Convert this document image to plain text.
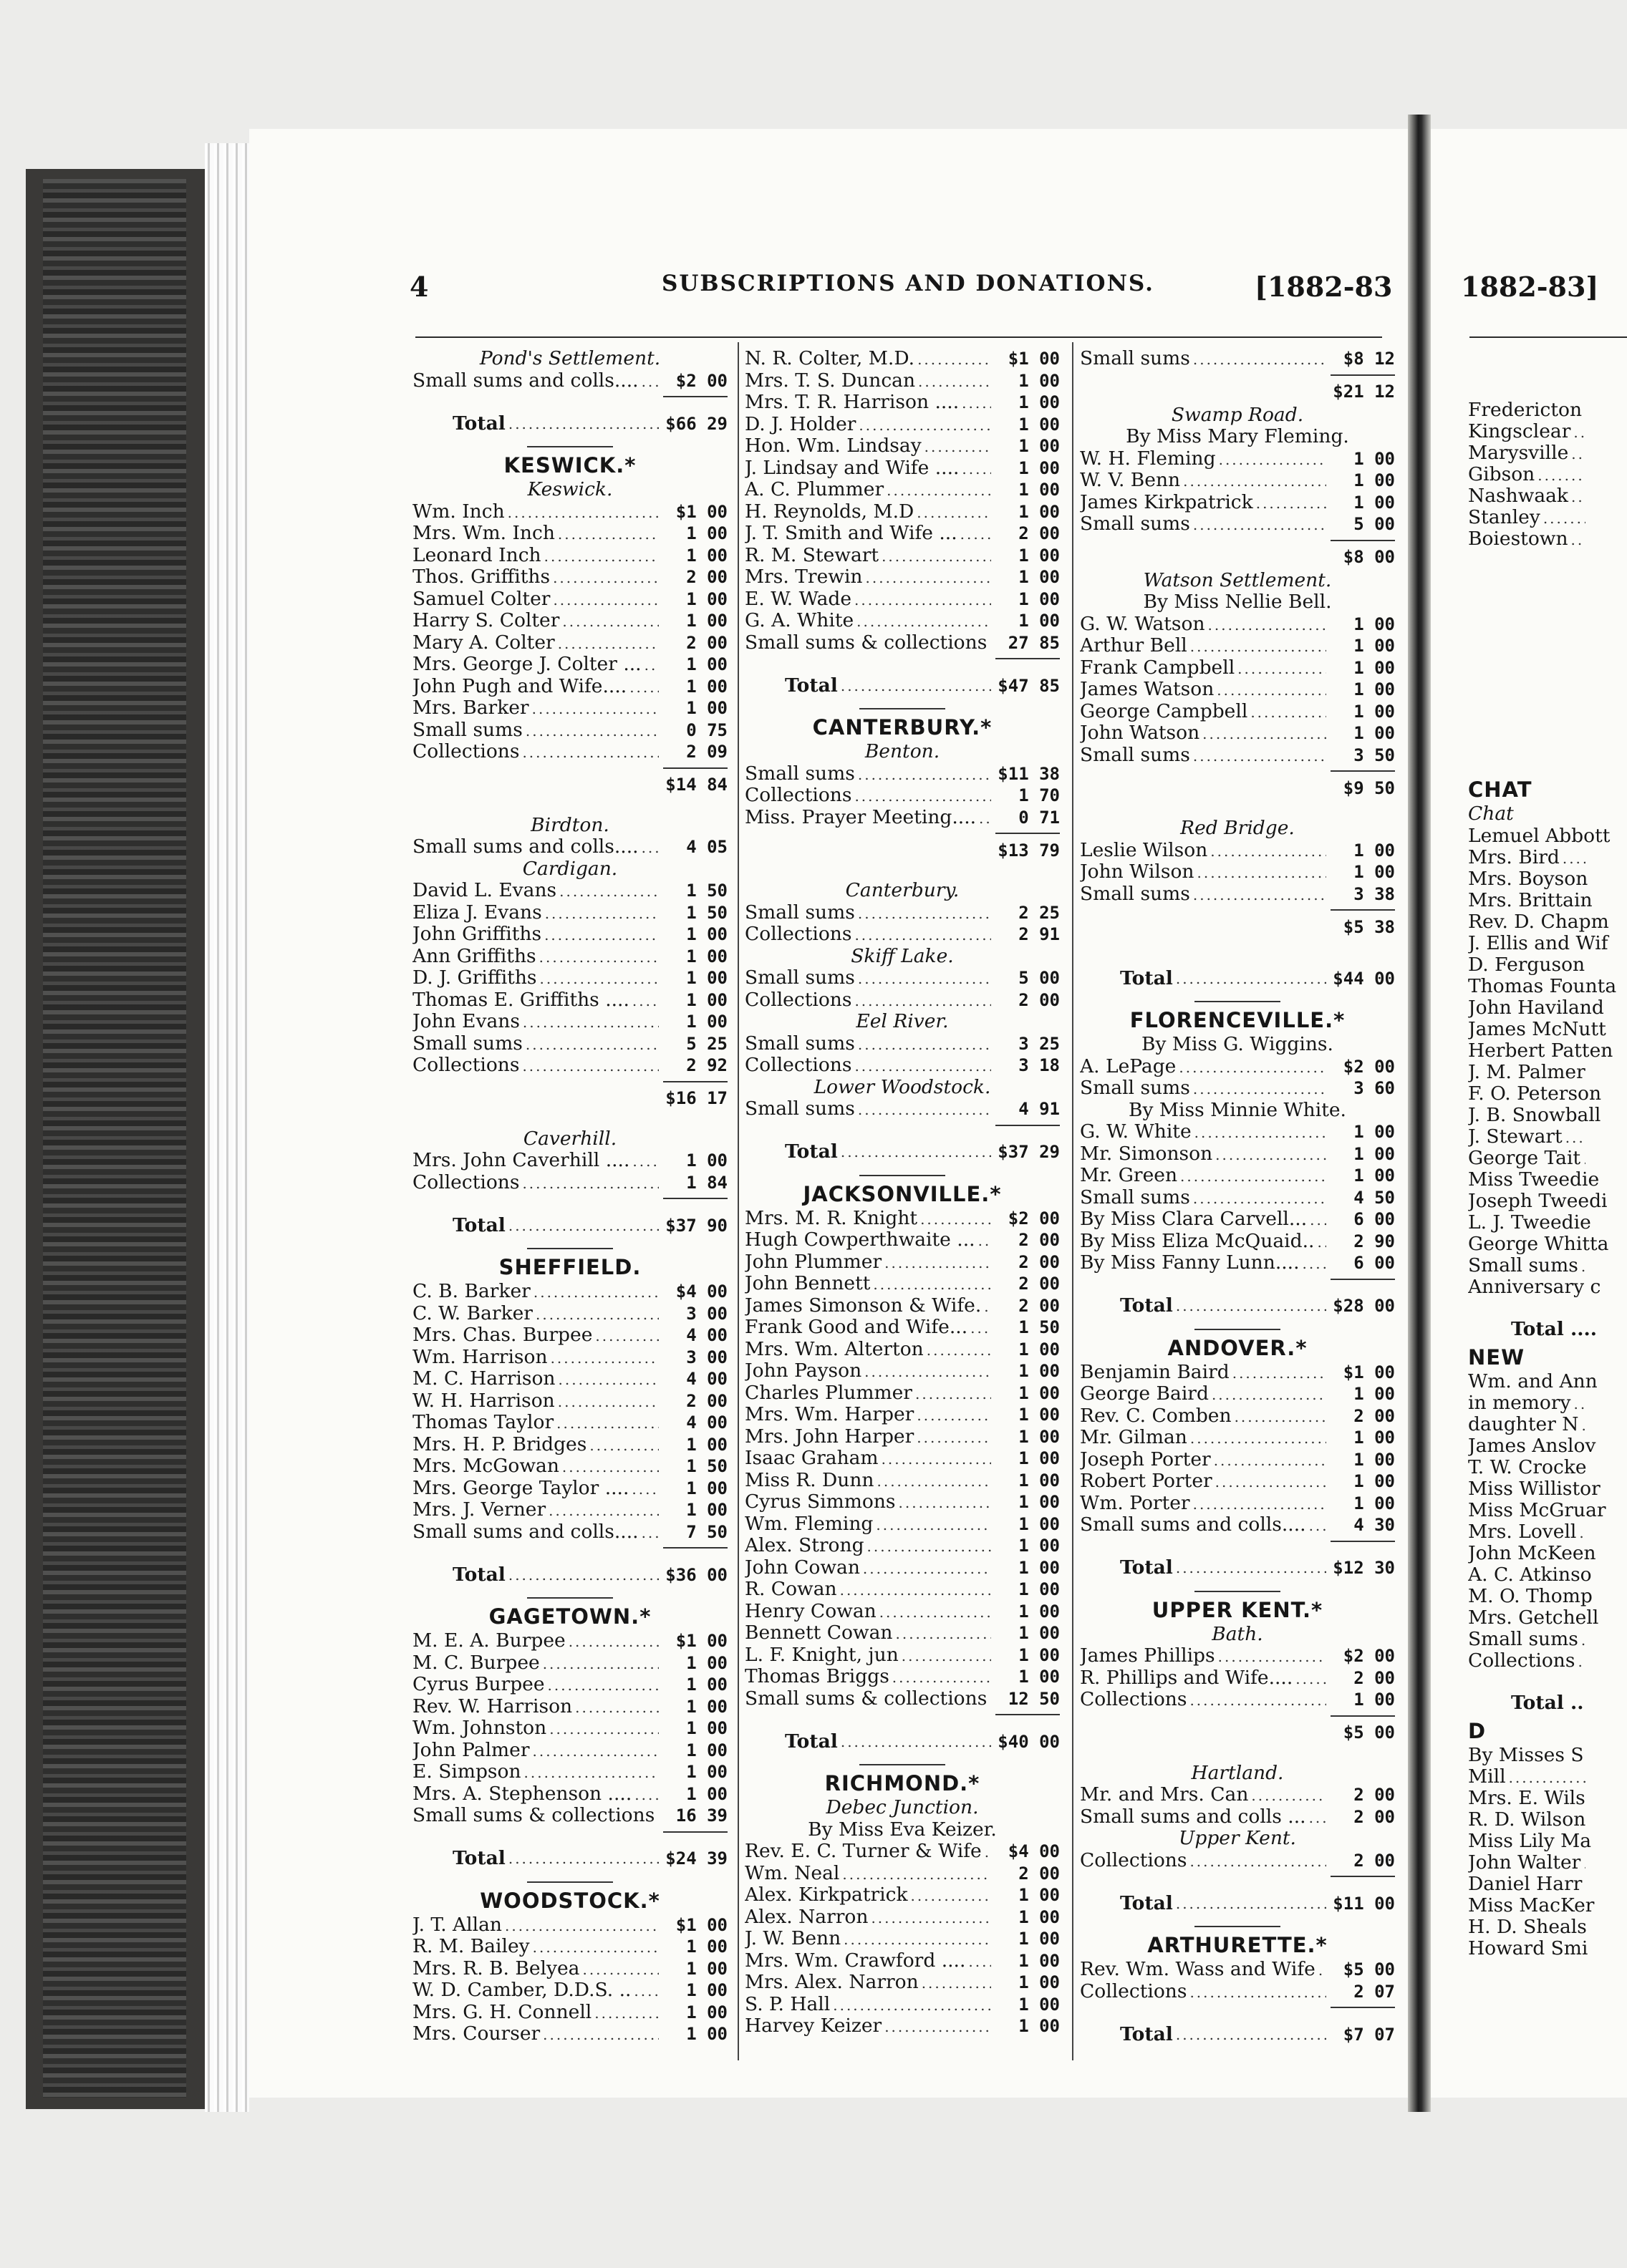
4	SUBSCRIPTIONS AND DONATIONS.	[1882-83	1882-83]
Pond's Settlement.
Small sums and colls.... .....	$2 00
Total .....	$66 29
KESWICK.*
Keswick.
Wm. Inch .....	$1 00
Mrs. Wm. Inch .....	1 00
Leonard Inch .....	1 00
Thos. Griffiths .....	2 00
Samuel Colter .....	1 00
Harry S. Colter .....	1 00
Mary A. Colter .....	2 00
Mrs. George J. Colter ... .....	1 00
John Pugh and Wife.... .....	1 00
Mrs. Barker .....	1 00
Small sums .....	0 75
Collections .....	2 09
$14 84
Birdton.
Small sums and colls.... .....	4 05
Cardigan.
David L. Evans .....	1 50
Eliza J. Evans .....	1 50
John Griffiths .....	1 00
Ann Griffiths .....	1 00
D. J. Griffiths .....	1 00
Thomas E. Griffiths .... .....	1 00
John Evans .....	1 00
Small sums .....	5 25
Collections .....	2 92
$16 17
Caverhill.
Mrs. John Caverhill .... .....	1 00
Collections .....	1 84
Total .....	$37 90
SHEFFIELD.
C. B. Barker .....	$4 00
C. W. Barker .....	3 00
Mrs. Chas. Burpee .....	4 00
Wm. Harrison .....	3 00
M. C. Harrison .....	4 00
W. H. Harrison .....	2 00
Thomas Taylor .....	4 00
Mrs. H. P. Bridges .....	1 00
Mrs. McGowan .....	1 50
Mrs. George Taylor .... .....	1 00
Mrs. J. Verner .....	1 00
Small sums and colls.... .....	7 50
Total .....	$36 00
GAGETOWN.*
M. E. A. Burpee .....	$1 00
M. C. Burpee .....	1 00
Cyrus Burpee .....	1 00
Rev. W. Harrison .....	1 00
Wm. Johnston .....	1 00
John Palmer .....	1 00
E. Simpson .....	1 00
Mrs. A. Stephenson .... .....	1 00
Small sums & collections .....	16 39
Total .....	$24 39
WOODSTOCK.*
J. T. Allan .....	$1 00
R. M. Bailey .....	1 00
Mrs. R. B. Belyea .....	1 00
W. D. Camber, D.D.S. .. .....	1 00
Mrs. G. H. Connell .....	1 00
Mrs. Courser .....	1 00
N. R. Colter, M.D. .....	$1 00
Mrs. T. S. Duncan .....	1 00
Mrs. T. R. Harrison .... .....	1 00
D. J. Holder .....	1 00
Hon. Wm. Lindsay .....	1 00
J. Lindsay and Wife .... .....	1 00
A. C. Plummer .....	1 00
H. Reynolds, M.D .....	1 00
J. T. Smith and Wife ... .....	2 00
R. M. Stewart .....	1 00
Mrs. Trewin .....	1 00
E. W. Wade .....	1 00
G. A. White .....	1 00
Small sums & collections .....	27 85
Total .....	$47 85
CANTERBURY.*
Benton.
Small sums .....	$11 38
Collections .....	1 70
Miss. Prayer Meeting.... .....	0 71
$13 79
Canterbury.
Small sums .....	2 25
Collections .....	2 91
Skiff Lake.
Small sums .....	5 00
Collections .....	2 00
Eel River.
Small sums .....	3 25
Collections .....	3 18
Lower Woodstock.
Small sums .....	4 91
Total .....	$37 29
JACKSONVILLE.*
Mrs. M. R. Knight .....	$2 00
Hugh Cowperthwaite ... .....	2 00
John Plummer .....	2 00
John Bennett .....	2 00
James Simonson & Wife. .....	2 00
Frank Good and Wife... .....	1 50
Mrs. Wm. Alterton .....	1 00
John Payson .....	1 00
Charles Plummer .....	1 00
Mrs. Wm. Harper .....	1 00
Mrs. John Harper .....	1 00
Isaac Graham .....	1 00
Miss R. Dunn .....	1 00
Cyrus Simmons .....	1 00
Wm. Fleming .....	1 00
Alex. Strong .....	1 00
John Cowan .....	1 00
R. Cowan .....	1 00
Henry Cowan .....	1 00
Bennett Cowan .....	1 00
L. F. Knight, jun .....	1 00
Thomas Briggs .....	1 00
Small sums & collections .....	12 50
Total .....	$40 00
RICHMOND.*
Debec Junction.
By Miss Eva Keizer.
Rev. E. C. Turner & Wife .....	$4 00
Wm. Neal .....	2 00
Alex. Kirkpatrick .....	1 00
Alex. Narron .....	1 00
J. W. Benn .....	1 00
Mrs. Wm. Crawford .... .....	1 00
Mrs. Alex. Narron .....	1 00
S. P. Hall .....	1 00
Harvey Keizer .....	1 00
Small sums .....	$8 12
$21 12
Swamp Road.
By Miss Mary Fleming.
W. H. Fleming .....	1 00
W. V. Benn .....	1 00
James Kirkpatrick .....	1 00
Small sums .....	5 00
$8 00
Watson Settlement.
By Miss Nellie Bell.
G. W. Watson .....	1 00
Arthur Bell .....	1 00
Frank Campbell .....	1 00
James Watson .....	1 00
George Campbell .....	1 00
John Watson .....	1 00
Small sums .....	3 50
$9 50
Red Bridge.
Leslie Wilson .....	1 00
John Wilson .....	1 00
Small sums .....	3 38
$5 38
Total .....	$44 00
FLORENCEVILLE.*
By Miss G. Wiggins.
A. LePage .....	$2 00
Small sums .....	3 60
By Miss Minnie White.
G. W. White .....	1 00
Mr. Simonson .....	1 00
Mr. Green .....	1 00
Small sums .....	4 50
By Miss Clara Carvell... .....	6 00
By Miss Eliza McQuaid.. .....	2 90
By Miss Fanny Lunn.... .....	6 00
Total .....	$28 00
ANDOVER.*
Benjamin Baird .....	$1 00
George Baird .....	1 00
Rev. C. Comben .....	2 00
Mr. Gilman .....	1 00
Joseph Porter .....	1 00
Robert Porter .....	1 00
Wm. Porter .....	1 00
Small sums and colls.... .....	4 30
Total .....	$12 30
UPPER KENT.*
Bath.
James Phillips .....	$2 00
R. Phillips and Wife.... .....	2 00
Collections .....	1 00
$5 00
Hartland.
Mr. and Mrs. Can .....	2 00
Small sums and colls ... .....	2 00
Upper Kent.
Collections .....	2 00
Total .....	$11 00
ARTHURETTE.*
Rev. Wm. Wass and Wife .....	$5 00
Collections .....	2 07
Total .....	$7 07
Fredericton
.....
Kingsclear
.....
Marysville
.....
Gibson
.....
Nashwaak
.....
Stanley
.....
Boiestown
.....
CHAT
Chat
Lemuel Abbott
Mrs. Bird
.....
Mrs. Boyson
Mrs. Brittain
Rev. D. Chapm
J. Ellis and Wif
D. Ferguson
Thomas Founta
John Haviland
James McNutt
Herbert Patten
J. M. Palmer
F. O. Peterson
J. B. Snowball
J. Stewart
.....
George Tait
.....
Miss Tweedie
Joseph Tweedi
L. J. Tweedie
George Whitta
Small sums
.....
Anniversary c
Total ....
NEW
Wm. and Ann
in memory
.....
daughter N
.....
James Anslov
T. W. Crocke
Miss Willistor
Miss McGruar
Mrs. Lovell
.....
John McKeen
A. C. Atkinso
M. O. Thomp
Mrs. Getchell
Small sums
.....
Collections
.....
Total ..
D
By Misses S
Mill
.....
Mrs. E. Wils
R. D. Wilson
Miss Lily Ma
John Walter
.....
Daniel Harr
.....
Miss MacKer
H. D. Sheals
Howard Smi
